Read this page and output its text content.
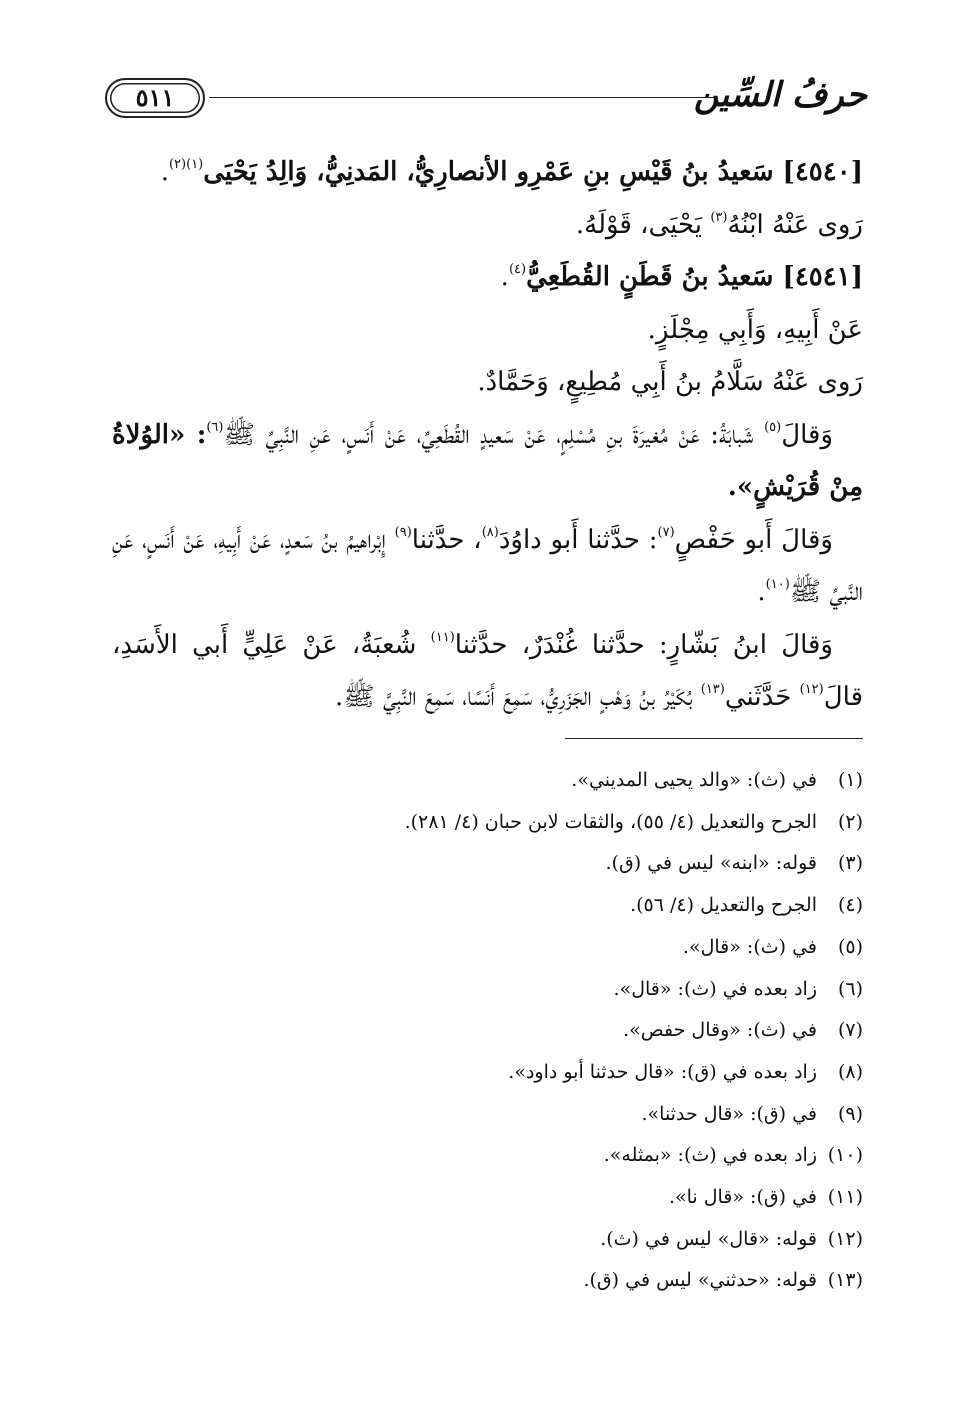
حرفُ السِّين
٥١١

[٤٥٤٠] سَعيدُ بنُ قَيْسِ بنِ عَمْرِو الأنصارِيُّ، المَدنِيُّ، وَالِدُ يَحْيَى$^{(١)(٢)}$.

رَوى عَنْهُ ابْنُهُ$^{(٣)}$ يَحْيَى، قَوْلَهُ.

[٤٥٤١] سَعيدُ بنُ قَطَنٍ القُطَعِيُّ$^{(٤)}$.

عَنْ أَبِيهِ، وَأَبِي مِجْلَزٍ.

رَوى عَنْهُ سَلَّامُ بنُ أَبِي مُطِيعٍ، وَحَمَّادٌ.

وَقالَ$^{(٥)}$ شَبابَةُ: عَنْ مُغيرَةَ بنِ مُسْلِمٍ، عَنْ سَعيدٍ القُطَعِيِّ، عَنْ أَنَسٍ، عَنِ النَّبِيِّ ﷺ$^{(٦)}$: «الوُلاةُ مِنْ قُرَيْشٍ».

وَقالَ أَبو حَفْصٍ$^{(٧)}$: حدَّثنا أَبو داوُدَ$^{(٨)}$، حدَّثنا$^{(٩)}$ إِبْراهيمُ بنُ سَعدٍ، عَنْ أَبِيهِ، عَنْ أَنَسٍ، عَنِ النَّبيِّ ﷺ$^{(١٠)}$.

وَقالَ ابنُ بَشّارٍ: حدَّثنا غُنْدَرٌ، حدَّثنا$^{(١١)}$ شُعبَةُ، عَنْ عَلِيٍّ أَبي الأَسَدِ، قالَ$^{(١٢)}$ حَدَّثَني$^{(١٣)}$ بُكَيْرُ بنُ وَهْبٍ الجَزَرِيُّ، سَمِعَ أَنَسًا، سَمِعَ النَّبِيَّ ﷺ.

(١)في (ث): «والد يحيى المديني».

(٢)الجرح والتعديل (٤/ ٥٥)، والثقات لابن حبان (٤/ ٢٨١).

(٣)قوله: «ابنه» ليس في (ق).

(٤)الجرح والتعديل (٤/ ٥٦).

(٥)في (ث): «قال».

(٦)زاد بعده في (ث): «قال».

(٧)في (ث): «وقال حفص».

(٨)زاد بعده في (ق): «قال حدثنا أبو داود».

(٩)في (ق): «قال حدثنا».

(١٠)زاد بعده في (ث): «بمثله».

(١١)في (ق): «قال نا».

(١٢)قوله: «قال» ليس في (ث).

(١٣)قوله: «حدثني» ليس في (ق).
